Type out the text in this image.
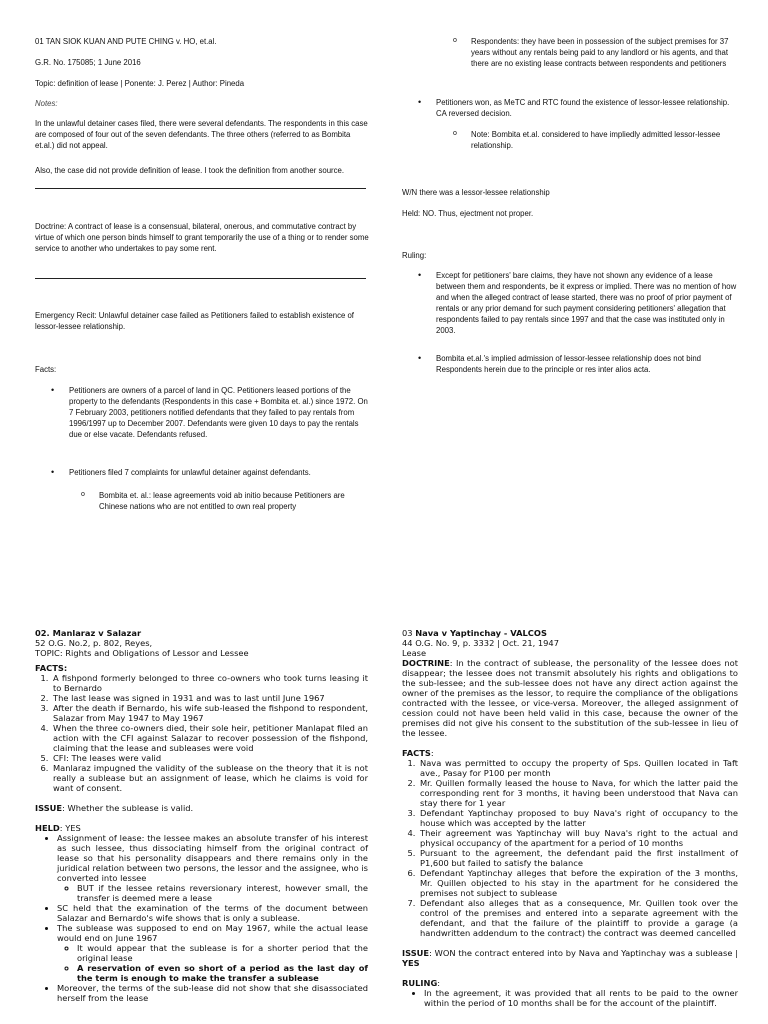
01 TAN SIOK KUAN AND PUTE CHING v. HO, et.al.

G.R. No. 175085; 1 June 2016

Topic: definition of lease | Ponente: J. Perez | Author: Pineda

Notes:

In the unlawful detainer cases filed, there were several defendants. The respondents in this case are composed of four out of the seven defendants. The three others (referred to as Bombita et.al.) did not appeal.

Also, the case did not provide definition of lease. I took the definition from another source.

Doctrine: A contract of lease is a consensual, bilateral, onerous, and commutative contract by virtue of which one person binds himself to grant temporarily the use of a thing or to render some service to another who undertakes to pay some rent.

Emergency Recit: Unlawful detainer case failed as Petitioners failed to establish existence of lessor-lessee relationship.

Facts:

• Petitioners are owners of a parcel of land in QC. Petitioners leased portions of the property to the defendants (Respondents in this case + Bombita et. al.) since 1972. On 7 February 2003, petitioners notified defendants that they failed to pay rentals from 1996/1997 up to December 2007. Defendants were given 10 days to pay the rentals due or else vacate. Defendants refused.
• Petitioners filed 7 complaints for unlawful detainer against defendants.
o Bombita et. al.: lease agreements void ab initio because Petitioners are Chinese nations who are not entitled to own real property
o Respondents: they have been in possession of the subject premises for 37 years without any rentals being paid to any landlord or his agents, and that there are no existing lease contracts between respondents and petitioners
• Petitioners won, as MeTC and RTC found the existence of lessor-lessee relationship. CA reversed decision.
o Note: Bombita et.al. considered to have impliedly admitted lessor-lessee relationship.

W/N there was a lessor-lessee relationship

Held: NO. Thus, ejectment not proper.

Ruling:

• Except for petitioners' bare claims, they have not shown any evidence of a lease between them and respondents, be it express or implied. There was no mention of how and when the alleged contract of lease started, there was no proof of prior payment of rentals or any prior demand for such payment considering petitioners' allegation that respondents failed to pay rentals since 1997 and that the case was instituted only in 2003.
• Bombita et.al.'s implied admission of lessor-lessee relationship does not bind Respondents herein due to the principle or res inter alios acta.

02. Manlaraz v Salazar

52 O.G. No.2, p. 802, Reyes,

TOPIC: Rights and Obligations of Lessor and Lessee

FACTS:

1. A fishpond formerly belonged to three co-owners who took turns leasing it to Bernardo
2. The last lease was signed in 1931 and was to last until June 1967
3. After the death if Bernardo, his wife sub-leased the fishpond to respondent, Salazar from May 1947 to May 1967
4. When the three co-owners died, their sole heir, petitioner Manlapat filed an action with the CFI against Salazar to recover possession of the fishpond, claiming that the lease and subleases were void
5. CFI: The leases were valid
6. Manlaraz impugned the validity of the sublease on the theory that it is not really a sublease but an assignment of lease, which he claims is void for want of consent.

ISSUE: Whether the sublease is valid.

HELD: YES

• Assignment of lease: the lessee makes an absolute transfer of his interest as such lessee, thus dissociating himself from the original contract of lease so that his personality disappears and there remains only in the juridical relation between two persons, the lessor and the assignee, who is converted into lessee
◦ BUT if the lessee retains reversionary interest, however small, the transfer is deemed mere a lease
• SC held that the examination of the terms of the document between Salazar and Bernardo's wife shows that is only a sublease.
• The sublease was supposed to end on May 1967, while the actual lease would end on June 1967
◦ It would appear that the sublease is for a shorter period that the original lease
◦ A reservation of even so short of a period as the last day of the term is enough to make the transfer a sublease
• Moreover, the terms of the sub-lease did not show that she disassociated herself from the lease

03 Nava v Yaptinchay - VALCOS

44 O.G. No. 9, p. 3332 | Oct. 21, 1947

Lease

DOCTRINE: In the contract of sublease, the personality of the lessee does not disappear; the lessee does not transmit absolutely his rights and obligations to the sub-lessee; and the sub-lessee does not have any direct action against the owner of the premises as the lessor, to require the compliance of the obligations contracted with the lessee, or vice-versa. Moreover, the alleged assignment of cession could not have been held valid in this case, because the owner of the premises did not give his consent to the substitution of the sub-lessee in lieu of the lessee.

FACTS:

1. Nava was permitted to occupy the property of Sps. Quillen located in Taft ave., Pasay for P100 per month
2. Mr. Quillen formally leased the house to Nava, for which the latter paid the corresponding rent for 3 months, it having been understood that Nava can stay there for 1 year
3. Defendant Yaptinchay proposed to buy Nava's right of occupancy to the house which was accepted by the latter
4. Their agreement was Yaptinchay will buy Nava's right to the actual and physical occupancy of the apartment for a period of 10 months
5. Pursuant to the agreement, the defendant paid the first installment of P1,600 but failed to satisfy the balance
6. Defendant Yaptinchay alleges that before the expiration of the 3 months, Mr. Quillen objected to his stay in the apartment for he considered the premises not subject to sublease
7. Defendant also alleges that as a consequence, Mr. Quillen took over the control of the premises and entered into a separate agreement with the defendant, and that the failure of the plaintiff to provide a garage (a handwritten addendum to the contract) the contract was deemed cancelled

ISSUE: WON the contract entered into by Nava and Yaptinchay was a sublease | YES

RULING:

• In the agreement, it was provided that all rents to be paid to the owner within the period of 10 months shall be for the account of the plaintiff.
